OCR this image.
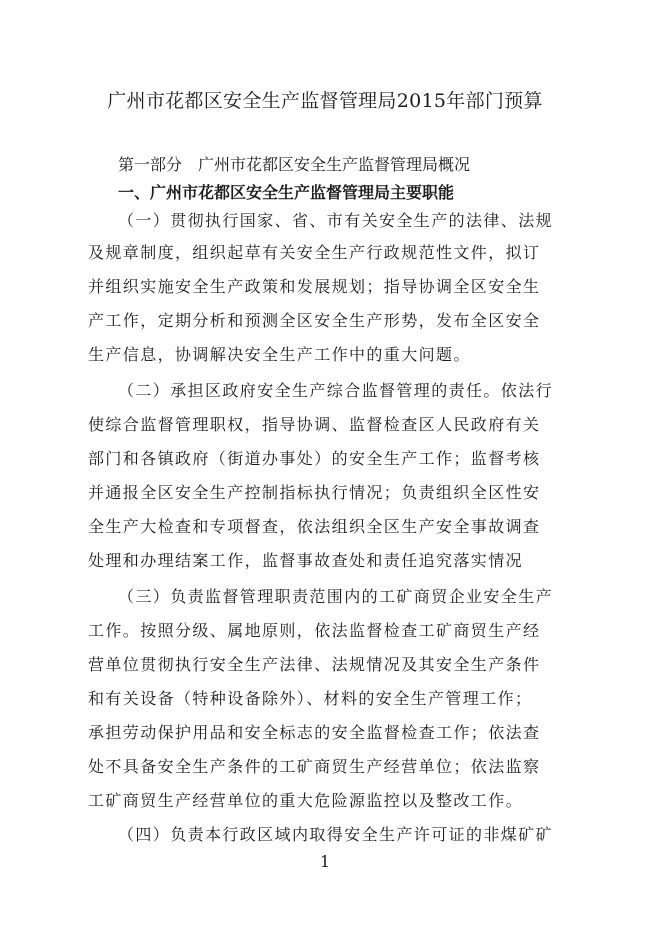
广州市花都区安全生产监督管理局2015年部门预算
第一部分 广州市花都区安全生产监督管理局概况
一、广州市花都区安全生产监督管理局主要职能
（一）贯彻执行国家、省、市有关安全生产的法律、法规
及规章制度，组织起草有关安全生产行政规范性文件，拟订
并组织实施安全生产政策和发展规划；指导协调全区安全生
产工作，定期分析和预测全区安全生产形势，发布全区安全
生产信息，协调解决安全生产工作中的重大问题。
（二）承担区政府安全生产综合监督管理的责任。依法行
使综合监督管理职权，指导协调、监督检查区人民政府有关
部门和各镇政府（街道办事处）的安全生产工作；监督考核
并通报全区安全生产控制指标执行情况；负责组织全区性安
全生产大检查和专项督查，依法组织全区生产安全事故调查
处理和办理结案工作，监督事故查处和责任追究落实情况
（三）负责监督管理职责范围内的工矿商贸企业安全生产
工作。按照分级、属地原则，依法监督检查工矿商贸生产经
营单位贯彻执行安全生产法律、法规情况及其安全生产条件
和有关设备（特种设备除外）、材料的安全生产管理工作；
承担劳动保护用品和安全标志的安全监督检查工作；依法查
处不具备安全生产条件的工矿商贸生产经营单位；依法监察
工矿商贸生产经营单位的重大危险源监控以及整改工作。
（四）负责本行政区域内取得安全生产许可证的非煤矿矿
1
